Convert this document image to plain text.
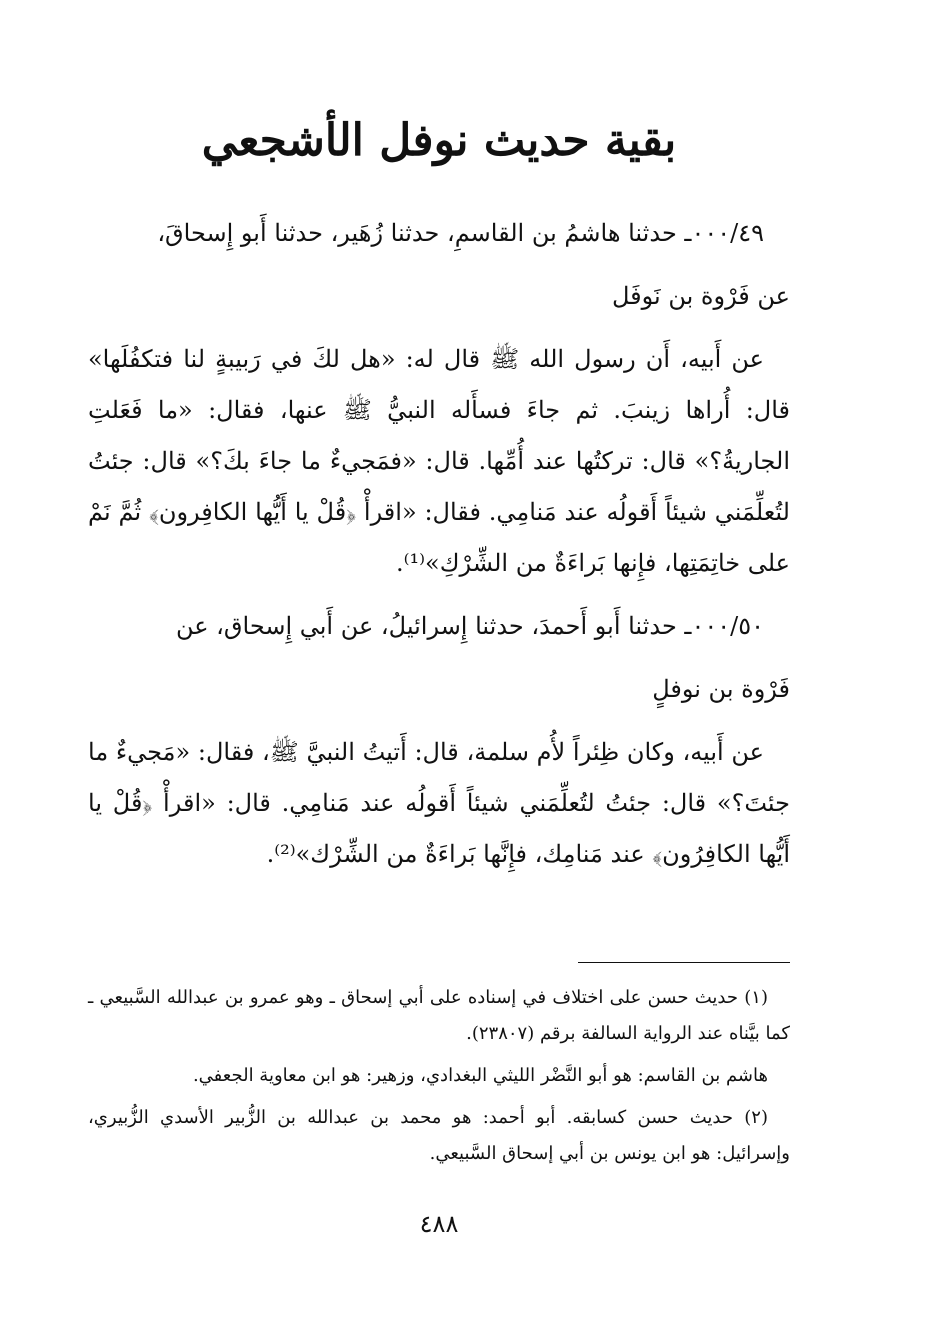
بقية حديث نوفل الأشجعي

٠٠٠/٤٩ـ حدثنا هاشمُ بن القاسمِ، حدثنا زُهَير، حدثنا أَبو إِسحاقَ،

عن فَرْوة بن نَوفَل

عن أَبيه، أَن رسول الله ﷺ قال له: «هل لكَ في رَبيبةٍ لنا فتكفُلَها» قال: أُراها زينبَ. ثم جاءَ فسأَله النبيُّ ﷺ عنها، فقال: «ما فَعَلتِ الجاريةُ؟» قال: تركتُها عند أُمِّها. قال: «فمَجيءٌ ما جاءَ بكَ؟» قال: جئتُ لتُعلِّمَني شيئاً أَقولُه عند مَنامِي. فقال: «اقرأْ ﴿قُلْ يا أَيُّها الكافِرون﴾ ثُمَّ نَمْ على خاتِمَتِها، فإِنها بَراءَةٌ من الشِّرْكِ»⁽¹⁾.

٠٠٠/٥٠ـ حدثنا أَبو أَحمدَ، حدثنا إِسرائيلُ، عن أَبي إِسحاق، عن

فَرْوة بن نوفلٍ

عن أَبيه، وكان ظِئراً لأُم سلمة، قال: أَتيتُ النبيَّ ﷺ، فقال: «مَجيءٌ ما جئتَ؟» قال: جئتُ لتُعلِّمَني شيئاً أَقولُه عند مَنامِي. قال: «اقرأْ ﴿قُلْ يا أَيُّها الكافِرُون﴾ عند مَنامِك، فإِنَّها بَراءَةٌ من الشِّرْك»⁽²⁾.

(١) حديث حسن على اختلاف في إسناده على أبي إسحاق ـ وهو عمرو بن عبدالله السَّبيعي ـ كما بيَّناه عند الرواية السالفة برقم (٢٣٨٠٧).

هاشم بن القاسم: هو أبو النَّضْر الليثي البغدادي، وزهير: هو ابن معاوية الجعفي.

(٢) حديث حسن كسابقه. أبو أحمد: هو محمد بن عبدالله بن الزُّبير الأسدي الزُّبيري، وإسرائيل: هو ابن يونس بن أبي إسحاق السَّبيعي.

٤٨٨
